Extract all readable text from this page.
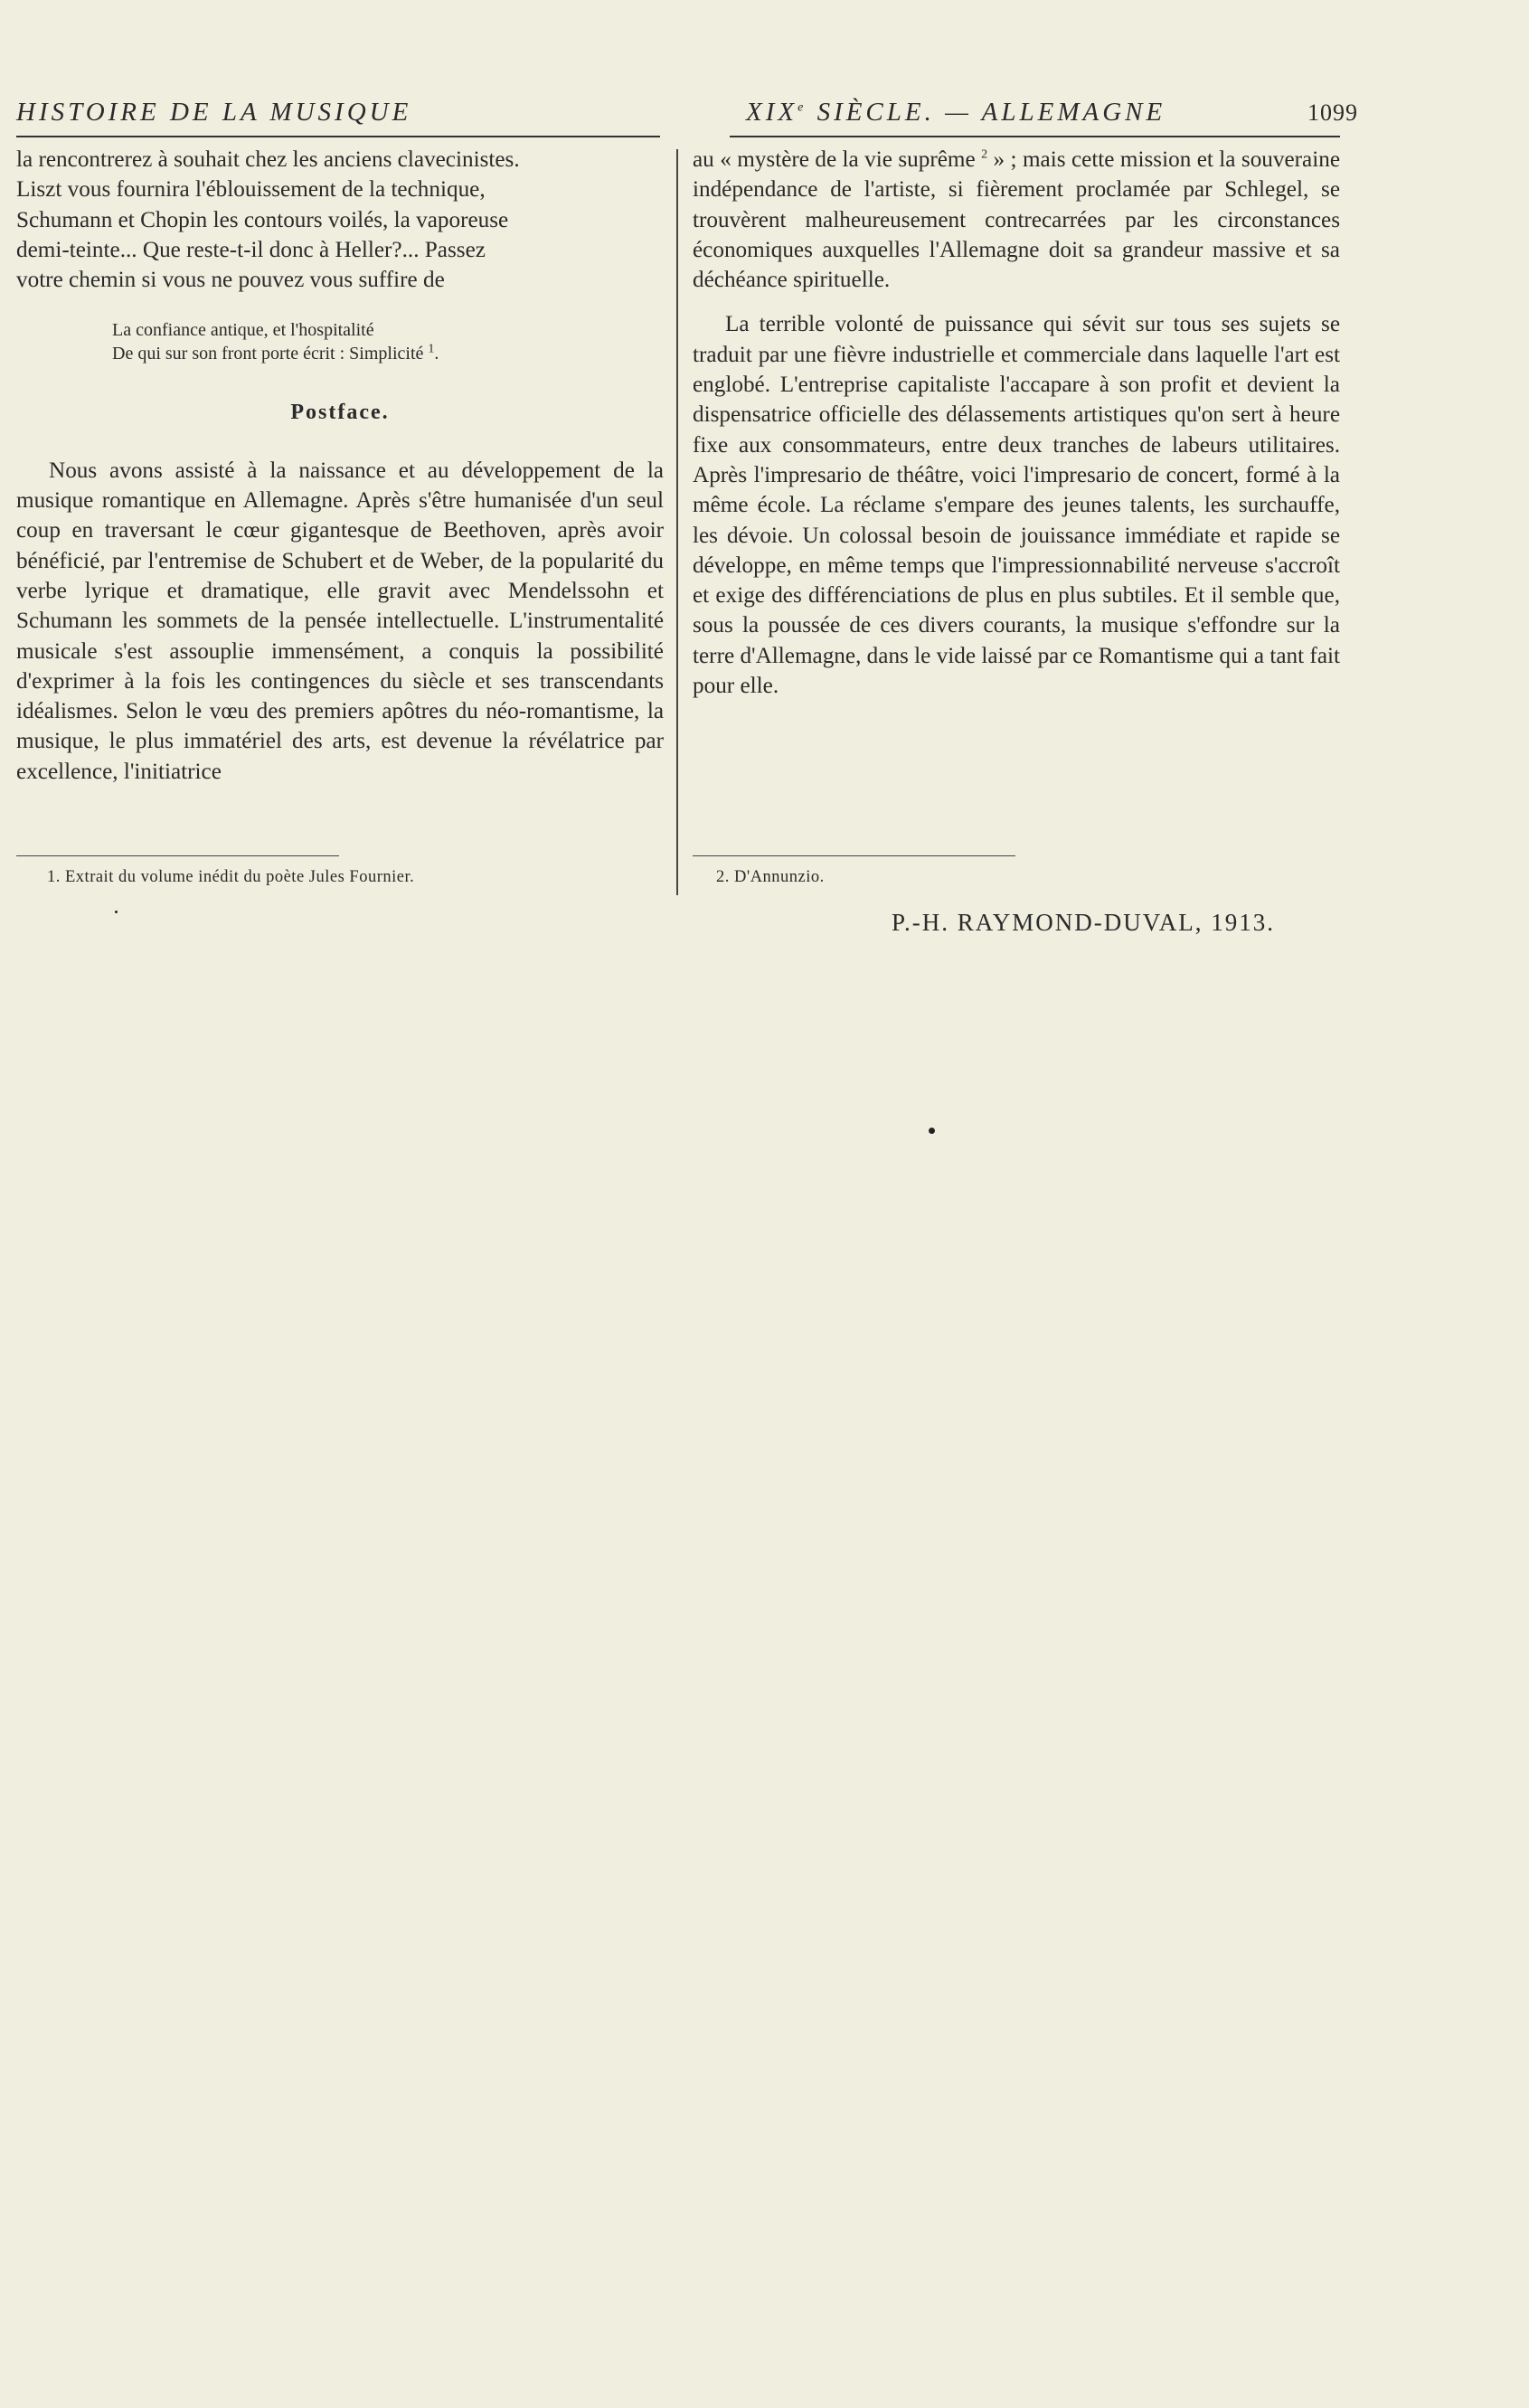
HISTOIRE DE LA MUSIQUE	XIXe SIÈCLE. — ALLEMAGNE	1099

la rencontrerez à souhait chez les anciens clavecinistes.

Liszt vous fournira l'éblouissement de la technique,

Schumann et Chopin les contours voilés, la vaporeuse

demi-teinte... Que reste-t-il donc à Heller?... Passez

votre chemin si vous ne pouvez vous suffire de

La confiance antique, et l'hospitalité
De qui sur son front porte écrit : Simplicité $^1$.
Postface.

Nous avons assisté à la naissance et au développement de la musique romantique en Allemagne. Après s'être humanisée d'un seul coup en traversant le cœur gigantesque de Beethoven, après avoir bénéficié, par l'entremise de Schubert et de Weber, de la popularité du verbe lyrique et dramatique, elle gravit avec Mendelssohn et Schumann les sommets de la pensée intellectuelle. L'instrumentalité musicale s'est assouplie immensément, a conquis la possibilité d'exprimer à la fois les contingences du siècle et ses transcendants idéalismes. Selon le vœu des premiers apôtres du néo-romantisme, la musique, le plus immatériel des arts, est devenue la révélatrice par excellence, l'initiatrice

au « mystère de la vie suprême $^2$ » ; mais cette mission et la souveraine indépendance de l'artiste, si fièrement proclamée par Schlegel, se trouvèrent malheureusement contrecarrées par les circonstances économiques auxquelles l'Allemagne doit sa grandeur massive et sa déchéance spirituelle.

La terrible volonté de puissance qui sévit sur tous ses sujets se traduit par une fièvre industrielle et commerciale dans laquelle l'art est englobé. L'entreprise capitaliste l'accapare à son profit et devient la dispensatrice officielle des délassements artistiques qu'on sert à heure fixe aux consommateurs, entre deux tranches de labeurs utilitaires. Après l'impresario de théâtre, voici l'impresario de concert, formé à la même école. La réclame s'empare des jeunes talents, les surchauffe, les dévoie. Un colossal besoin de jouissance immédiate et rapide se développe, en même temps que l'impressionnabilité nerveuse s'accroît et exige des différenciations de plus en plus subtiles. Et il semble que, sous la poussée de ces divers courants, la musique s'effondre sur la terre d'Allemagne, dans le vide laissé par ce Romantisme qui a tant fait pour elle.

1. Extrait du volume inédit du poète Jules Fournier.	2. D'Annunzio.
P.-H. RAYMOND-DUVAL, 1913.
